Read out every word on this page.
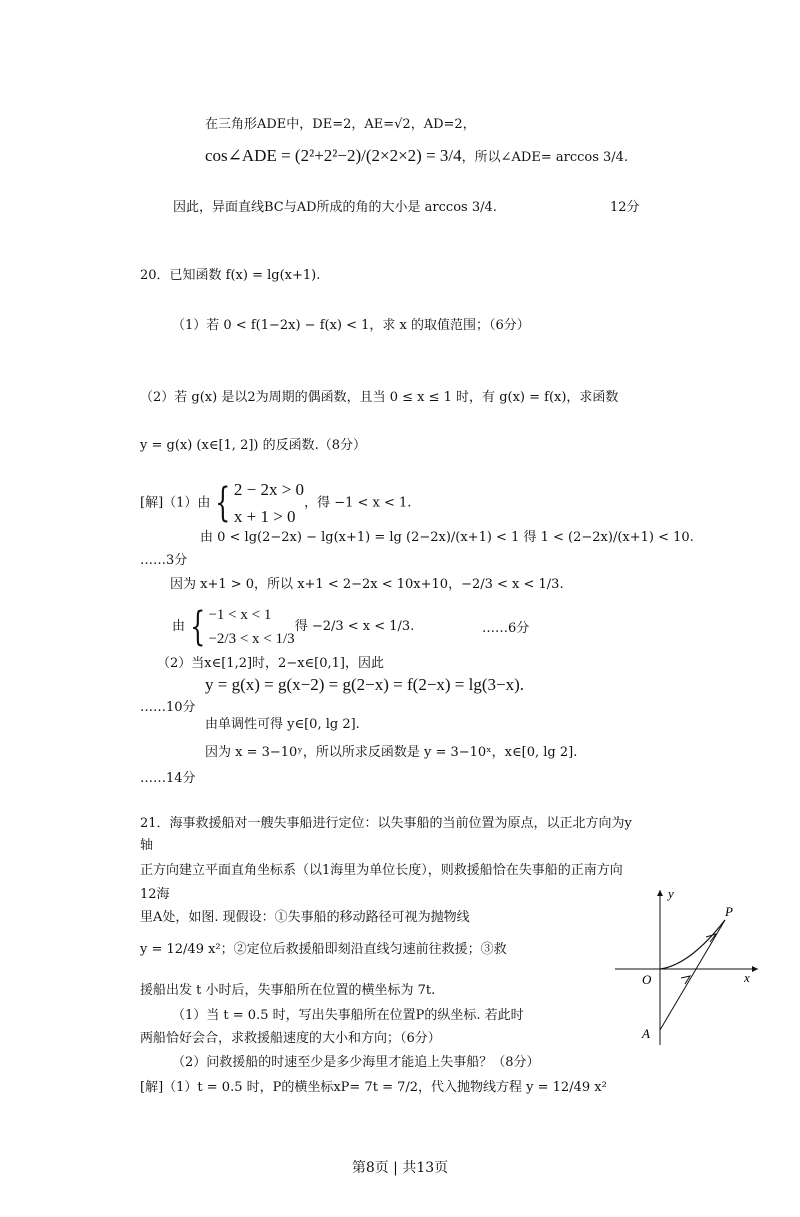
在三角形ADE中，DE=2，AE=√2，AD=2，
cos∠ADE = (2²+2²−2)/(2×2×2) = 3/4，所以∠ADE= arccos 3/4.
因此，异面直线BC与AD所成的角的大小是 arccos 3/4.	12分
20．已知函数 f(x) = lg(x+1).
（1）若 0 < f(1−2x) − f(x) < 1，求 x 的取值范围；（6分）
（2）若 g(x) 是以2为周期的偶函数，且当 0 ≤ x ≤ 1 时，有 g(x) = f(x)，求函数
y = g(x) (x∈[1, 2]) 的反函数.（8分）
[解]（1）由 { 2 − 2x > 0
x + 1 > 0
，得 −1 < x < 1.
由 0 < lg(2−2x) − lg(x+1) = lg (2−2x)/(x+1) < 1 得 1 < (2−2x)/(x+1) < 10.
……3分
因为 x+1 > 0，所以 x+1 < 2−2x < 10x+10，−2/3 < x < 1/3.
由 { −1 < x < 1
−2/3 < x < 1/3
得 −2/3 < x < 1/3.	……6分
（2）当x∈[1,2]时，2−x∈[0,1]，因此
y = g(x) = g(x−2) = g(2−x) = f(2−x) = lg(3−x).
……10分
由单调性可得 y∈[0, lg 2].
因为 x = 3−10ʸ，所以所求反函数是 y = 3−10ˣ，x∈[0, lg 2].
……14分
21．海事救援船对一艘失事船进行定位：以失事船的当前位置为原点，以正北方向为y
轴
正方向建立平面直角坐标系（以1海里为单位长度），则救援船恰在失事船的正南方向
12海
里A处，如图. 现假设：①失事船的移动路径可视为抛物线
y = 12/49 x²；②定位后救援船即刻沿直线匀速前往救援；③救
援船出发 t 小时后，失事船所在位置的横坐标为 7t.
（1）当 t = 0.5 时，写出失事船所在位置P的纵坐标. 若此时
两船恰好会合，求救援船速度的大小和方向；（6分）
（2）问救援船的时速至少是多少海里才能追上失事船？（8分）
[解]（1）t = 0.5 时，P的横坐标xP= 7t = 7/2，代入抛物线方程 y = 12/49 x²
y
x
O
P
A
第8页 | 共13页
